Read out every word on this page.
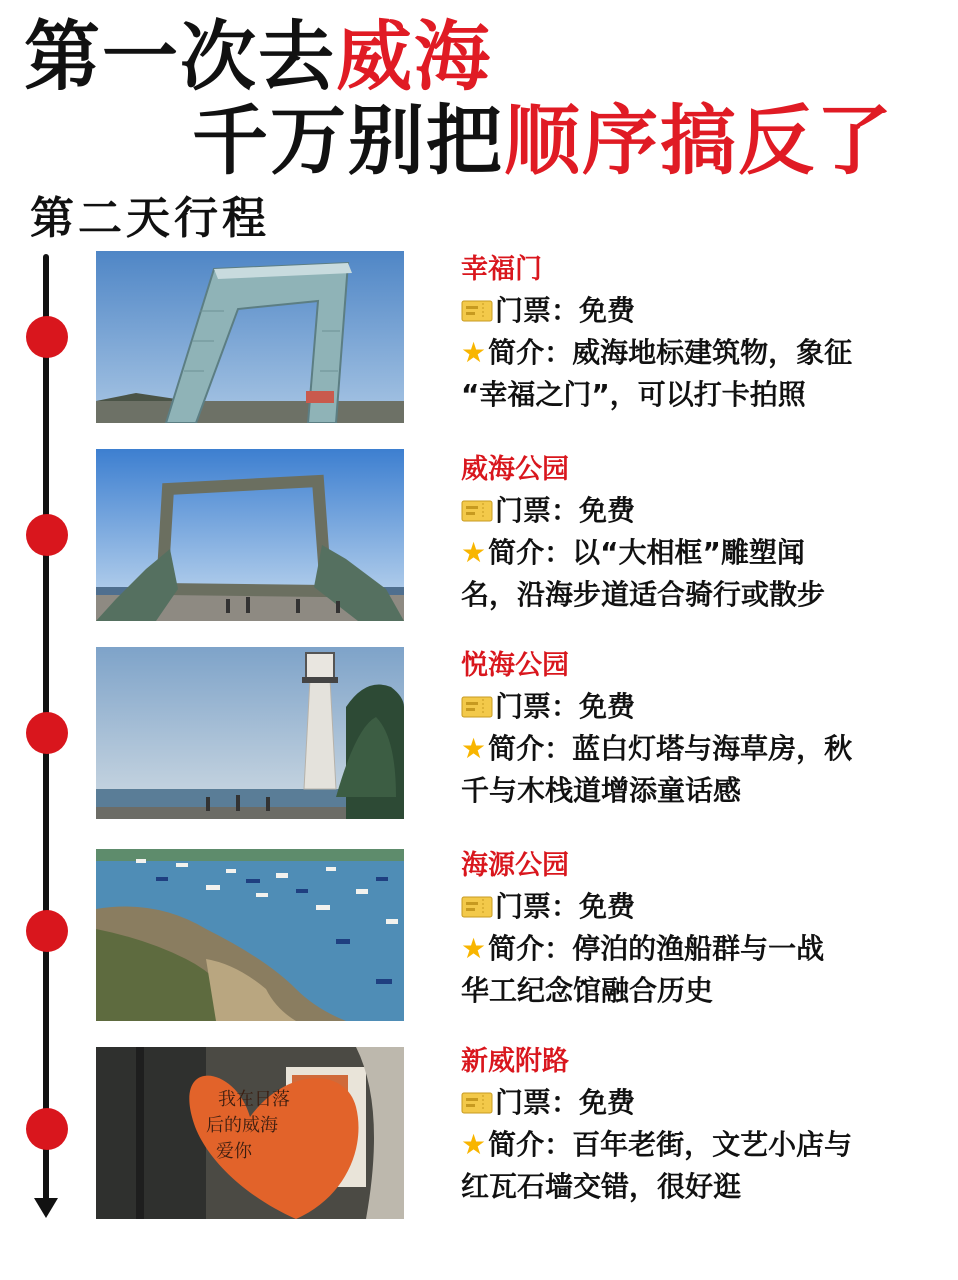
第一次去威海
千万别把顺序搞反了
第二天行程
我在日落
后的威海
爱你
幸福门
门票：免费
★简介：威海地标建筑物，象征
“幸福之门”，可以打卡拍照
威海公园
门票：免费
★简介：以“大相框”雕塑闻
名，沿海步道适合骑行或散步
悦海公园
门票：免费
★简介：蓝白灯塔与海草房，秋
千与木栈道增添童话感
海源公园
门票：免费
★简介：停泊的渔船群与一战
华工纪念馆融合历史
新威附路
门票：免费
★简介：百年老街，文艺小店与
红瓦石墙交错，很好逛
